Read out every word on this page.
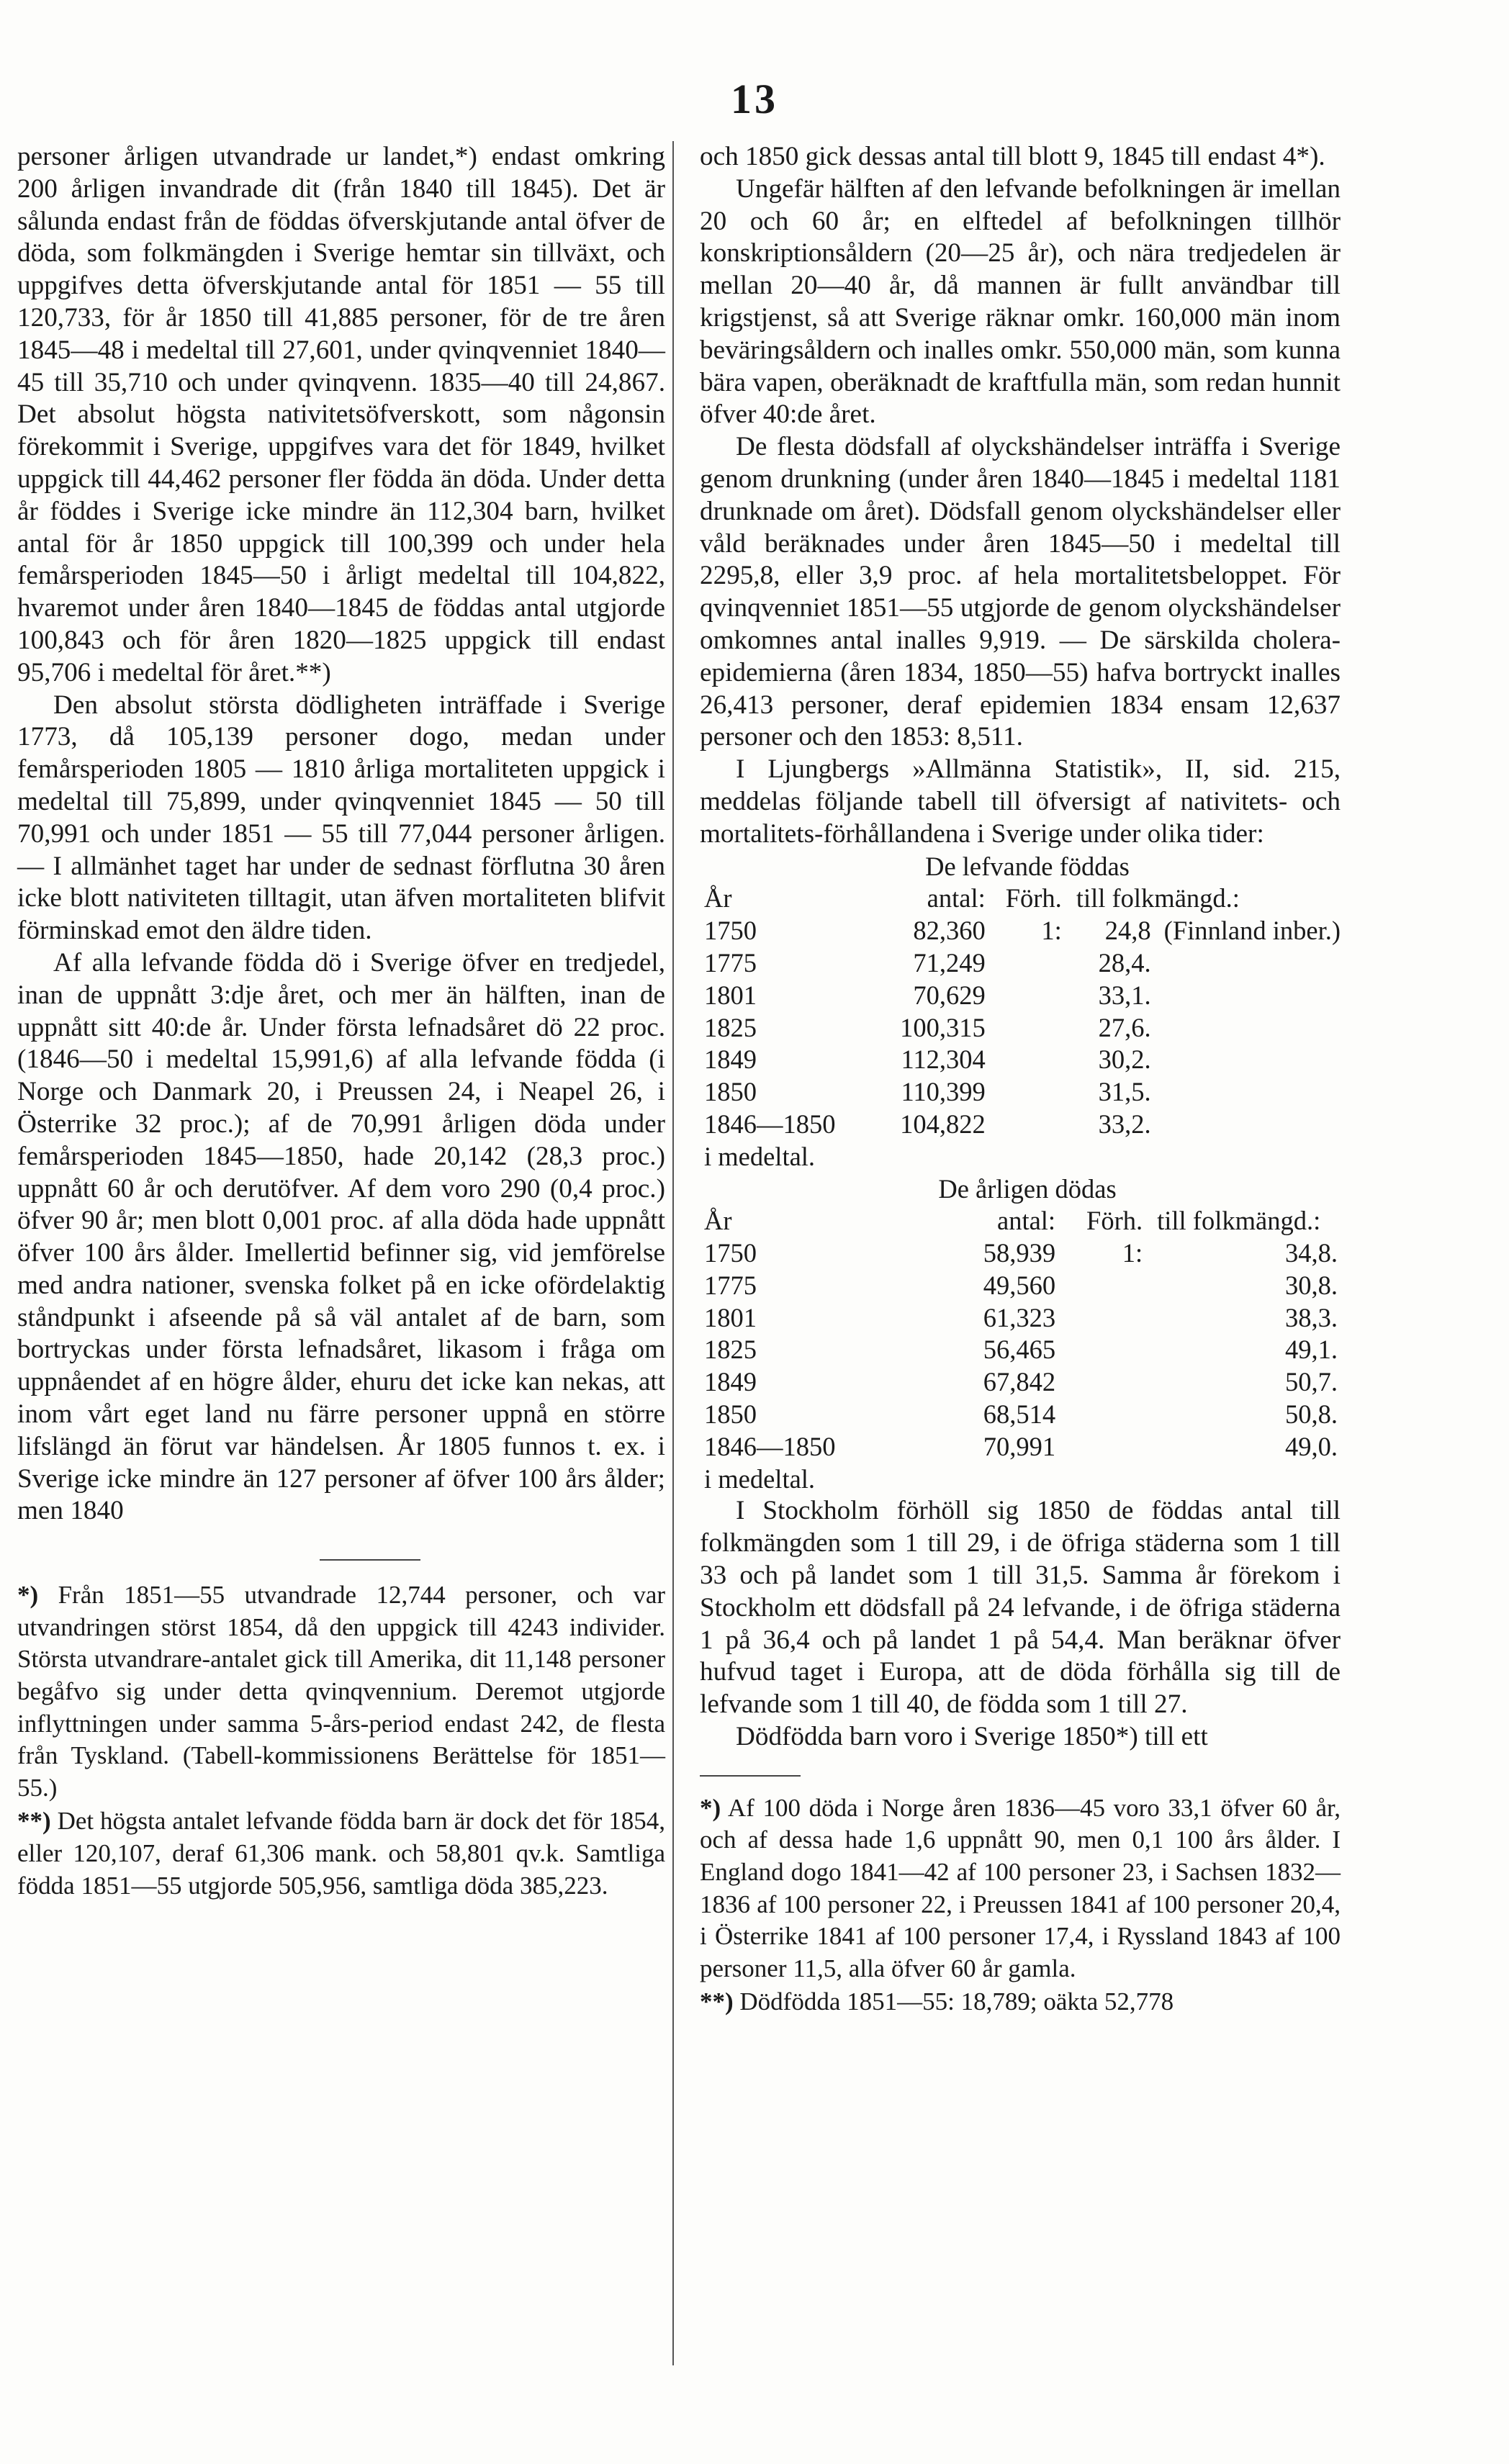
13

personer årligen utvandrade ur landet,*) endast omkring 200 årligen invandrade dit (från 1840 till 1845). Det är sålunda endast från de föddas öfverskjutande antal öfver de döda, som folkmängden i Sverige hemtar sin tillväxt, och uppgifves detta öfverskjutande antal för 1851 — 55 till 120,733, för år 1850 till 41,885 personer, för de tre åren 1845—48 i medeltal till 27,601, under qvinqvenniet 1840—45 till 35,710 och under qvinqvenn. 1835—40 till 24,867. Det absolut högsta nativitetsöfverskott, som någonsin förekommit i Sverige, uppgifves vara det för 1849, hvilket uppgick till 44,462 personer fler födda än döda. Under detta år föddes i Sverige icke mindre än 112,304 barn, hvilket antal för år 1850 uppgick till 100,399 och under hela femårsperioden 1845—50 i årligt medeltal till 104,822, hvaremot under åren 1840—1845 de föddas antal utgjorde 100,843 och för åren 1820—1825 uppgick till endast 95,706 i medeltal för året.**)

Den absolut största dödligheten inträffade i Sverige 1773, då 105,139 personer dogo, medan under femårsperioden 1805 — 1810 årliga mortaliteten uppgick i medeltal till 75,899, under qvinqvenniet 1845 — 50 till 70,991 och under 1851 — 55 till 77,044 personer årligen. — I allmänhet taget har under de sednast förflutna 30 åren icke blott nativiteten tilltagit, utan äfven mortaliteten blifvit förminskad emot den äldre tiden.

Af alla lefvande födda dö i Sverige öfver en tredjedel, inan de uppnått 3:dje året, och mer än hälften, inan de uppnått sitt 40:de år. Under första lefnadsåret dö 22 proc. (1846—50 i medeltal 15,991,6) af alla lefvande födda (i Norge och Danmark 20, i Preussen 24, i Neapel 26, i Österrike 32 proc.); af de 70,991 årligen döda under femårsperioden 1845—1850, hade 20,142 (28,3 proc.) uppnått 60 år och derutöfver. Af dem voro 290 (0,4 proc.) öfver 90 år; men blott 0,001 proc. af alla döda hade uppnått öfver 100 års ålder. Imellertid befinner sig, vid jemförelse med andra nationer, svenska folket på en icke ofördelaktig ståndpunkt i afseende på så väl antalet af de barn, som bortryckas under första lefnadsåret, likasom i fråga om uppnåendet af en högre ålder, ehuru det icke kan nekas, att inom vårt eget land nu färre personer uppnå en större lifslängd än förut var händelsen. År 1805 funnos t. ex. i Sverige icke mindre än 127 personer af öfver 100 års ålder; men 1840

*) Från 1851—55 utvandrade 12,744 personer, och var utvandringen störst 1854, då den uppgick till 4243 individer. Största utvandrare-antalet gick till Amerika, dit 11,148 personer begåfvo sig under detta qvinqvennium. Deremot utgjorde inflyttningen under samma 5-års-period endast 242, de flesta från Tyskland. (Tabell-kommissionens Berättelse för 1851—55.)

**) Det högsta antalet lefvande födda barn är dock det för 1854, eller 120,107, deraf 61,306 mank. och 58,801 qv.k. Samtliga födda 1851—55 utgjorde 505,956, samtliga döda 385,223.

och 1850 gick dessas antal till blott 9, 1845 till endast 4*).

Ungefär hälften af den lefvande befolkningen är imellan 20 och 60 år; en elftedel af befolkningen tillhör konskriptionsåldern (20—25 år), och nära tredjedelen är mellan 20—40 år, då mannen är fullt användbar till krigstjenst, så att Sverige räknar omkr. 160,000 män inom beväringsåldern och inalles omkr. 550,000 män, som kunna bära vapen, oberäknadt de kraftfulla män, som redan hunnit öfver 40:de året.

De flesta dödsfall af olyckshändelser inträffa i Sverige genom drunkning (under åren 1840—1845 i medeltal 1181 drunknade om året). Dödsfall genom olyckshändelser eller våld beräknades under åren 1845—50 i medeltal till 2295,8, eller 3,9 proc. af hela mortalitetsbeloppet. För qvinqvenniet 1851—55 utgjorde de genom olyckshändelser omkomnes antal inalles 9,919. — De särskilda cholera-epidemierna (åren 1834, 1850—55) hafva bortryckt inalles 26,413 personer, deraf epidemien 1834 ensam 12,637 personer och den 1853: 8,511.

I Ljungbergs »Allmänna Statistik», II, sid. 215, meddelas följande tabell till öfversigt af nativitets- och mortalitets-förhållandena i Sverige under olika tider:

De lefvande föddas
År	antal:	Förh.	till folkmängd.:	
1750	82,360	1:	24,8	(Finnland inber.)
1775	71,249		28,4.	
1801	70,629		33,1.	
1825	100,315		27,6.	
1849	112,304		30,2.	
1850	110,399		31,5.	
1846—1850	104,822		33,2.	
i medeltal.
De årligen dödas
År	antal:	Förh.	till folkmängd.:
1750	58,939	1:	34,8.
1775	49,560		30,8.
1801	61,323		38,3.
1825	56,465		49,1.
1849	67,842		50,7.
1850	68,514		50,8.
1846—1850	70,991		49,0.
i medeltal.

I Stockholm förhöll sig 1850 de föddas antal till folkmängden som 1 till 29, i de öfriga städerna som 1 till 33 och på landet som 1 till 31,5. Samma år förekom i Stockholm ett dödsfall på 24 lefvande, i de öfriga städerna 1 på 36,4 och på landet 1 på 54,4. Man beräknar öfver hufvud taget i Europa, att de döda förhålla sig till de lefvande som 1 till 40, de födda som 1 till 27.

Dödfödda barn voro i Sverige 1850*) till ett

*) Af 100 döda i Norge åren 1836—45 voro 33,1 öfver 60 år, och af dessa hade 1,6 uppnått 90, men 0,1 100 års ålder. I England dogo 1841—42 af 100 personer 23, i Sachsen 1832—1836 af 100 personer 22, i Preussen 1841 af 100 personer 20,4, i Österrike 1841 af 100 personer 17,4, i Ryssland 1843 af 100 personer 11,5, alla öfver 60 år gamla.

**) Dödfödda 1851—55: 18,789; oäkta 52,778
